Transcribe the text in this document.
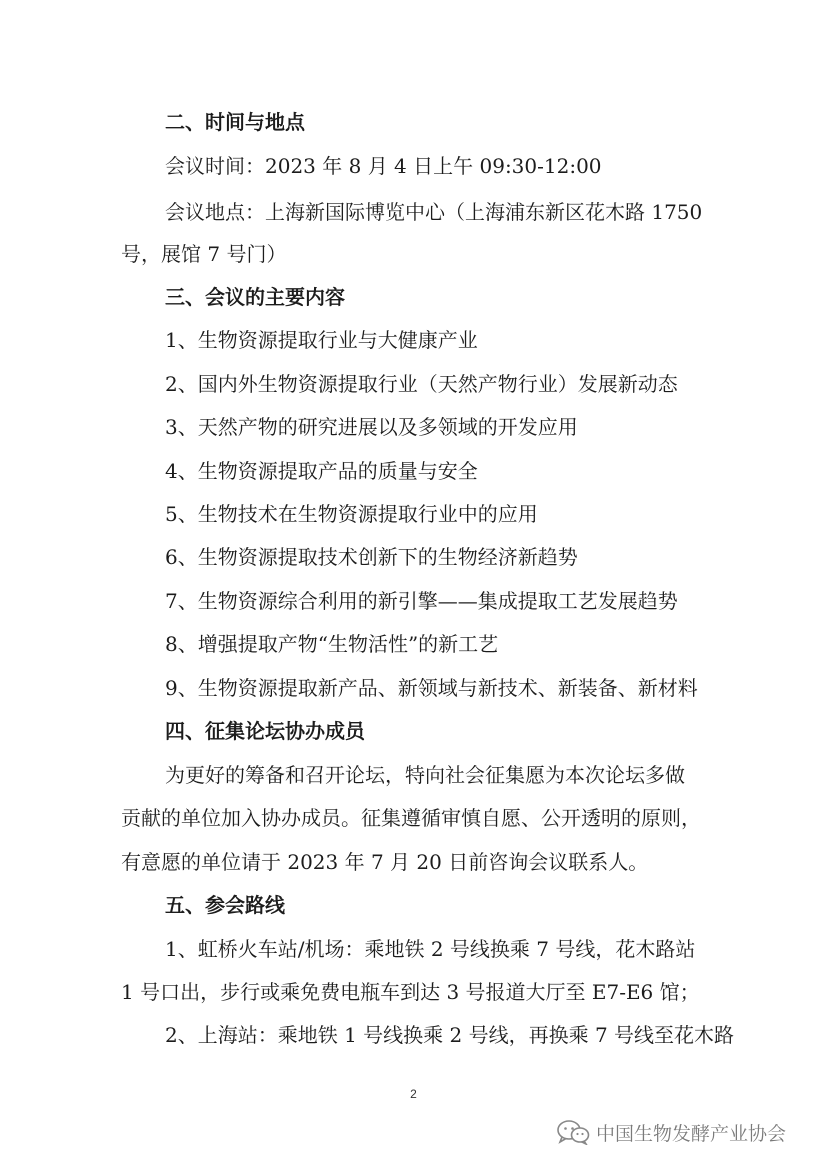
二、时间与地点
会议时间：2023 年 8 月 4 日上午 09:30-12:00
会议地点：上海新国际博览中心（上海浦东新区花木路 1750
号，展馆 7 号门）
三、会议的主要内容
1、生物资源提取行业与大健康产业
2、国内外生物资源提取行业（天然产物行业）发展新动态
3、天然产物的研究进展以及多领域的开发应用
4、生物资源提取产品的质量与安全
5、生物技术在生物资源提取行业中的应用
6、生物资源提取技术创新下的生物经济新趋势
7、生物资源综合利用的新引擎——集成提取工艺发展趋势
8、增强提取产物“生物活性”的新工艺
9、生物资源提取新产品、新领域与新技术、新装备、新材料
四、征集论坛协办成员
为更好的筹备和召开论坛，特向社会征集愿为本次论坛多做
贡献的单位加入协办成员。征集遵循审慎自愿、公开透明的原则，
有意愿的单位请于 2023 年 7 月 20 日前咨询会议联系人。
五、参会路线
1、虹桥火车站/机场：乘地铁 2 号线换乘 7 号线，花木路站
1 号口出，步行或乘免费电瓶车到达 3 号报道大厅至 E7-E6 馆；
2、上海站：乘地铁 1 号线换乘 2 号线，再换乘 7 号线至花木路
2
中国生物发酵产业协会
